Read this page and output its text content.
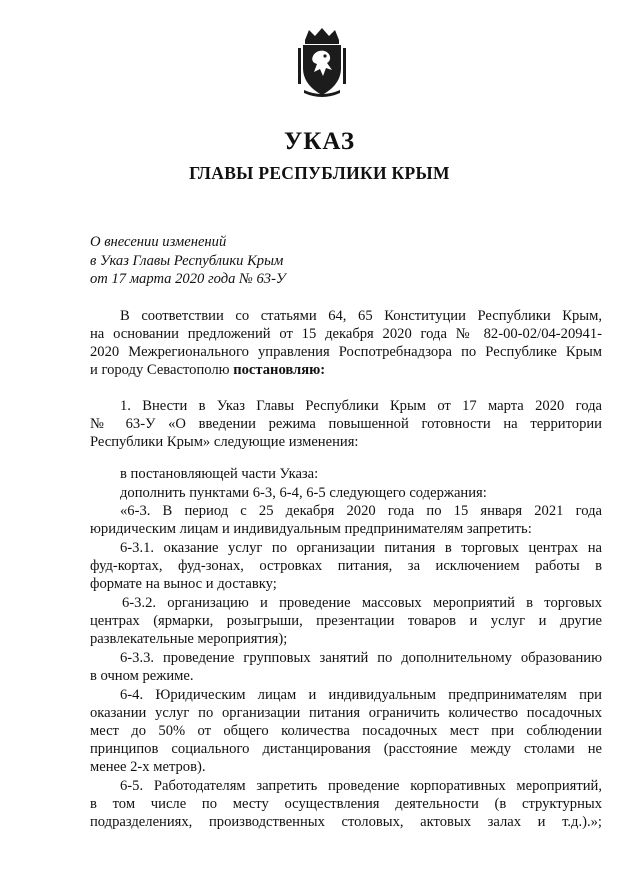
УКАЗ
ГЛАВЫ РЕСПУБЛИКИ КРЫМ
О внесении изменений
в Указ Главы Республики Крым
от 17 марта 2020 года № 63-У
В соответствии со статьями 64, 65 Конституции Республики Крым,
на основании предложений от 15 декабря 2020 года № 82-00-02/04-20941-
2020 Межрегионального управления Роспотребнадзора по Республике Крым
и городу Севастополю постановляю:
1. Внести в Указ Главы Республики Крым от 17 марта 2020 года
№ 63-У «О введении режима повышенной готовности на территории
Республики Крым» следующие изменения:
в постановляющей части Указа:
дополнить пунктами 6-3, 6-4, 6-5 следующего содержания:
«6-3. В период с 25 декабря 2020 года по 15 января 2021 года
юридическим лицам и индивидуальным предпринимателям запретить:
6-3.1. оказание услуг по организации питания в торговых центрах на
фуд-кортах, фуд-зонах, островках питания, за исключением работы в
формате на вынос и доставку;
6-3.2. организацию и проведение массовых мероприятий в торговых
центрах (ярмарки, розыгрыши, презентации товаров и услуг и другие
развлекательные мероприятия);
6-3.3. проведение групповых занятий по дополнительному образованию
в очном режиме.
6-4. Юридическим лицам и индивидуальным предпринимателям при
оказании услуг по организации питания ограничить количество посадочных
мест до 50% от общего количества посадочных мест при соблюдении
принципов социального дистанцирования (расстояние между столами не
менее 2-х метров).
6-5. Работодателям запретить проведение корпоративных мероприятий,
в том числе по месту осуществления деятельности (в структурных
подразделениях, производственных столовых, актовых залах и т.д.).»;
